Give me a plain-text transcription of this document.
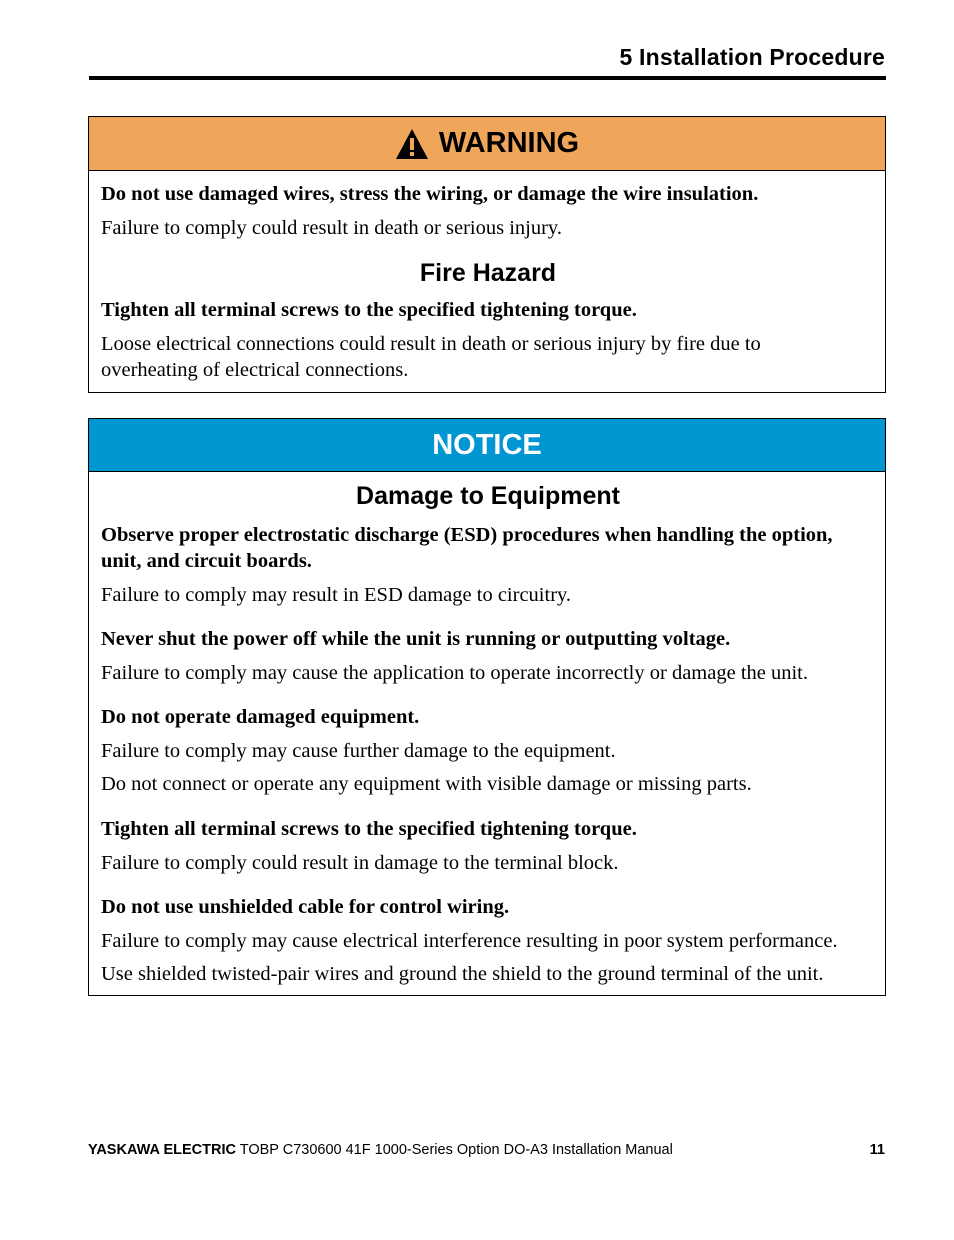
5 Installation Procedure
WARNING
Do not use damaged wires, stress the wiring, or damage the wire insulation.
Failure to comply could result in death or serious injury.
Fire Hazard
Tighten all terminal screws to the specified tightening torque.
Loose electrical connections could result in death or serious injury by fire due to
overheating of electrical connections.
NOTICE
Damage to Equipment
Observe proper electrostatic discharge (ESD) procedures when handling the option,
unit, and circuit boards.
Failure to comply may result in ESD damage to circuitry.
Never shut the power off while the unit is running or outputting voltage.
Failure to comply may cause the application to operate incorrectly or damage the unit.
Do not operate damaged equipment.
Failure to comply may cause further damage to the equipment.
Do not connect or operate any equipment with visible damage or missing parts.
Tighten all terminal screws to the specified tightening torque.
Failure to comply could result in damage to the terminal block.
Do not use unshielded cable for control wiring.
Failure to comply may cause electrical interference resulting in poor system performance.
Use shielded twisted-pair wires and ground the shield to the ground terminal of the unit.
YASKAWA ELECTRIC TOBP C730600 41F 1000-Series Option DO-A3 Installation Manual	11
